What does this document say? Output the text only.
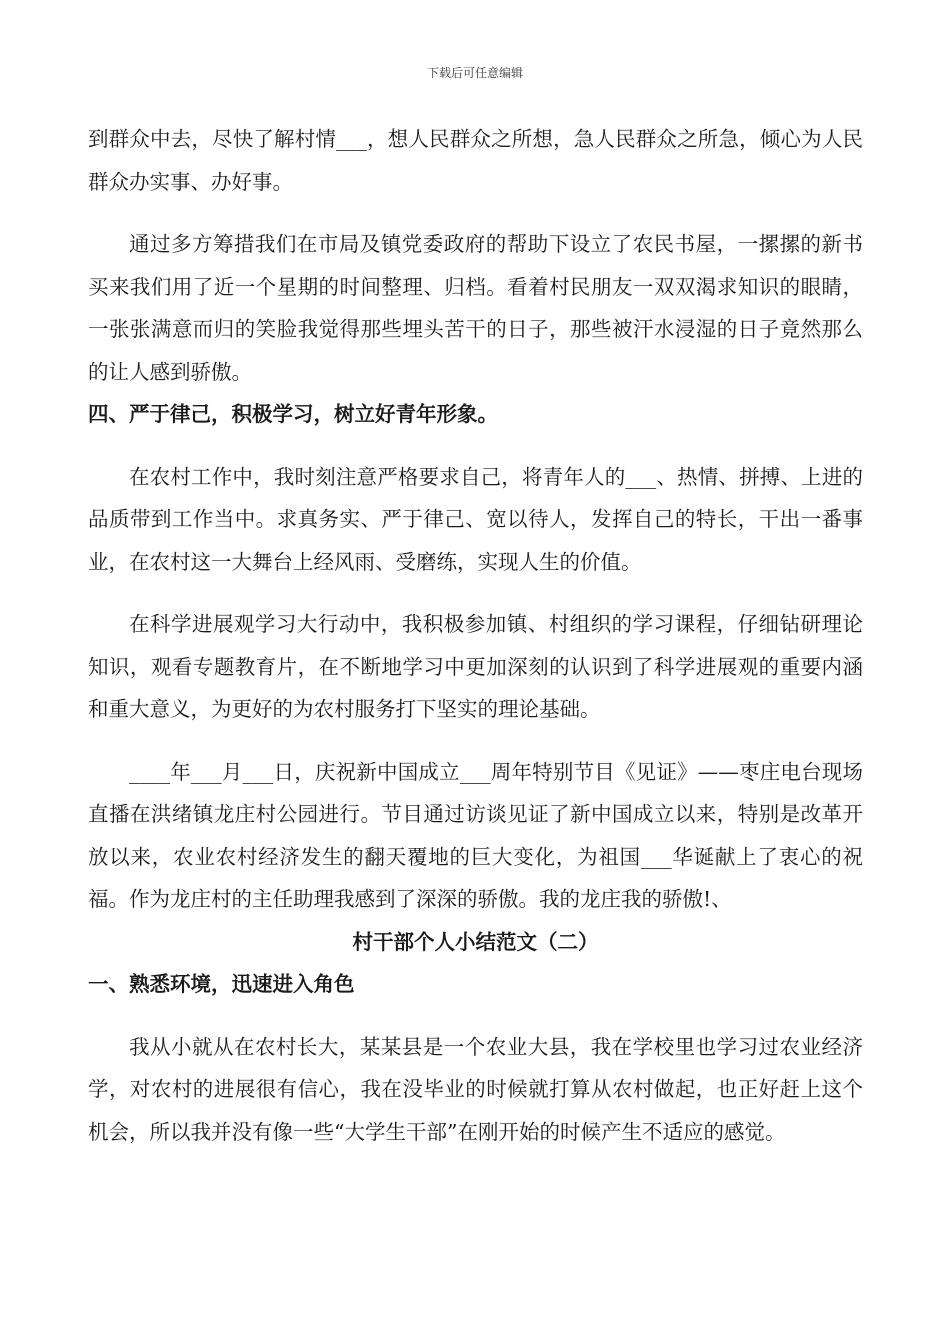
下载后可任意编辑

到群众中去，尽快了解村情___，想人民群众之所想，急人民群众之所急，倾心为人民群众办实事、办好事。

通过多方筹措我们在市局及镇党委政府的帮助下设立了农民书屋，一摞摞的新书买来我们用了近一个星期的时间整理、归档。看着村民朋友一双双渴求知识的眼睛，一张张满意而归的笑脸我觉得那些埋头苦干的日子，那些被汗水浸湿的日子竟然那么的让人感到骄傲。

四、严于律己，积极学习，树立好青年形象。

在农村工作中，我时刻注意严格要求自己，将青年人的___、热情、拼搏、上进的品质带到工作当中。求真务实、严于律己、宽以待人，发挥自己的特长，干出一番事业，在农村这一大舞台上经风雨、受磨练，实现人生的价值。

在科学进展观学习大行动中，我积极参加镇、村组织的学习课程，仔细钻研理论知识，观看专题教育片，在不断地学习中更加深刻的认识到了科学进展观的重要内涵和重大意义，为更好的为农村服务打下坚实的理论基础。

____年___月___日，庆祝新中国成立___周年特别节目《见证》——枣庄电台现场直播在洪绪镇龙庄村公园进行。节目通过访谈见证了新中国成立以来，特别是改革开放以来，农业农村经济发生的翻天覆地的巨大变化，为祖国___华诞献上了衷心的祝福。作为龙庄村的主任助理我感到了深深的骄傲。我的龙庄我的骄傲!、

村干部个人小结范文（二）

一、熟悉环境，迅速进入角色

我从小就从在农村长大，某某县是一个农业大县，我在学校里也学习过农业经济学，对农村的进展很有信心，我在没毕业的时候就打算从农村做起，也正好赶上这个机会，所以我并没有像一些“大学生干部”在刚开始的时候产生不适应的感觉。
